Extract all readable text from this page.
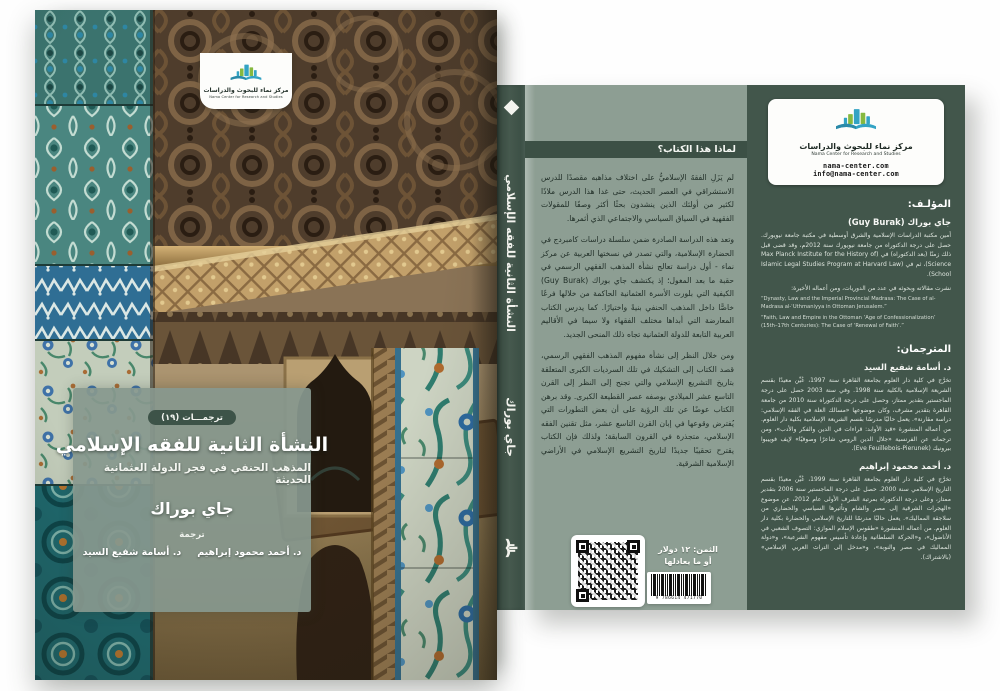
مركز نماء للبحوث والدراسات
Nama Center for Research and Studies
ترجمـــات (١٩)
النشأة الثانية للفقه الإسلامي
المذهب الحنفي في فجر الدولة العثمانية الحديثة
جاي بوراك
ترجمة
د. أحمد محمود إبراهيم
د. أسامة شفيع السيد
النشأة الثانية للفقه الإسلامي
جاي بوراك
لماذا هذا الكتاب؟

لم يَزَلِ الفقهُ الإسلاميُّ على اختلاف مذاهبه مقصدًا للدرس الاستشراقي في العصر الحديث، حتى غدا هذا الدرس ملاذًا لكثير من أولئك الذين ينشدون بحثًا أكثر وصفًا للمقولات الفقهية في السياق السياسي والاجتماعي الذي أثمرها.

وتعد هذه الدراسة الصادرة ضمن سلسلة دراسات كامبردج في الحضارة الإسلامية، والتي تصدر في نسختها العربية عن مركز نماء - أول دراسة تعالج نشأة المذهب الفقهي الرسمي في حقبة ما بعد المغول؛ إذ يكتشف جاي بوراك (Guy Burak) الكيفية التي بلورت الأسرة العثمانية الحاكمة من خلالها فرعًا خاصًّا داخل المذهب الحنفي بنيةً واختيارًا. كما يدرس الكتاب المعارضة التي أبداها مختلف الفقهاء ولا سيما في الأقاليم العربية التابعة للدولة العثمانية تجاه ذلك المنحى الجديد.

ومن خلال النظر إلى نشأة مفهوم المذهب الفقهي الرسمي، قصد الكتاب إلى التشكيك في تلك السرديات الكبرى المتعلقة بتاريخ التشريع الإسلامي والتي تجنح إلى النظر إلى القرن التاسع عشر الميلادي بوصفه عصر القطيعة الكبرى. وقد برهن الكتاب عوضًا عن تلك الرؤية على أن بعض التطورات التي يُفترض وقوعها في إبان القرن التاسع عشر، مثل تقنين الفقه الإسلامي، متجذرة في القرون السابقة؛ ولذلك فإن الكتاب يقترح تحقيبًا جديدًا لتاريخ التشريع الإسلامي في الأراضي الإسلامية الشرقية.

الثمن: ١٢ دولار
أو ما يعادلها
9 786614 471770
مركز نماء للبحوث والدراسات
Nama Center for Research and Studies
nama-center.com
info@nama-center.com
المؤلـف:
جاي بوراك (Guy Burak)
أمين مكتبة الدراسات الإسلامية والشرق أوسطية في مكتبة جامعة نيويورك. حصل على درجة الدكتوراه من جامعة نيويورك سنة 2012م، وقد قضى قبل ذلك زمنًا (بعد الدكتوراه) في (Max Planck Institute for the History of Science)، ثم في (Islamic Legal Studies Program at Harvard Law School).
نشرت مقالاته وبحوثه في عدد من الدوريات، ومن أعماله الأخيرة:
“Dynasty, Law and the Imperial Provincial Madrasa: The Case of al-Madrasa al-ʿUthmaniyya in Ottoman Jerusalem.”
“Faith, Law and Empire in the Ottoman ‘Age of Confessionalization’ (15th–17th Centuries): The Case of ‘Renewal of Faith’.”
المترجمان:
د. أسامة شفيع السيد
تخرَّج في كلية دار العلوم بجامعة القاهرة سنة 1997، عُيِّن معيدًا بقسم الشريعة الإسلامية بالكلية سنة 1998. وفي سنة 2003 حصل على درجة الماجستير بتقدير ممتاز، وحصل على درجة الدكتوراه سنة 2010 من جامعة القاهرة بتقدير مشرف، وكان موضوعها «مسالك العلة في الفقه الإسلامي: دراسة مقارنة». يعمل حاليًا مدرسًا بقسم الشريعة الإسلامية بكلية دار العلوم. من أعماله المنشورة «قيد الأوابد: قراءات في الدين والفكر والأدب»، ومن ترجماته عن الفرنسية «جلال الدين الرومي شاعرًا وصوفيًا» لإيف فوييبوا بيرونيك (Eve Feuillebois-Pierunek).
د. أحمد محمود إبراهيم
تخرَّج في كلية دار العلوم بجامعة القاهرة سنة 1999، عُيِّن معيدًا بقسم التاريخ الإسلامي سنة 2000. حصل على درجة الماجستير سنة 2006 بتقدير ممتاز، وعلى درجة الدكتوراه بمرتبة الشرف الأولى عام 2012، عن موضوع «الهجرات الشرقية إلى مصر والشام وتأثيرها السياسي والحضاري من سلاجقة المماليك». يعمل حاليًا مدرسًا للتاريخ الإسلامي والحضارة بكلية دار العلوم. من أعماله المنشورة «طقوس الإسلام الموازي: التصوف الشعبي في الأناضول»، و«الحركة السلطانية وإعادة تأسيس مفهوم الشرعية»، و«دولة المماليك في مصر والنوبة»، و«مدخل إلى التراث العربي الإسلامي» (بالاشتراك).
